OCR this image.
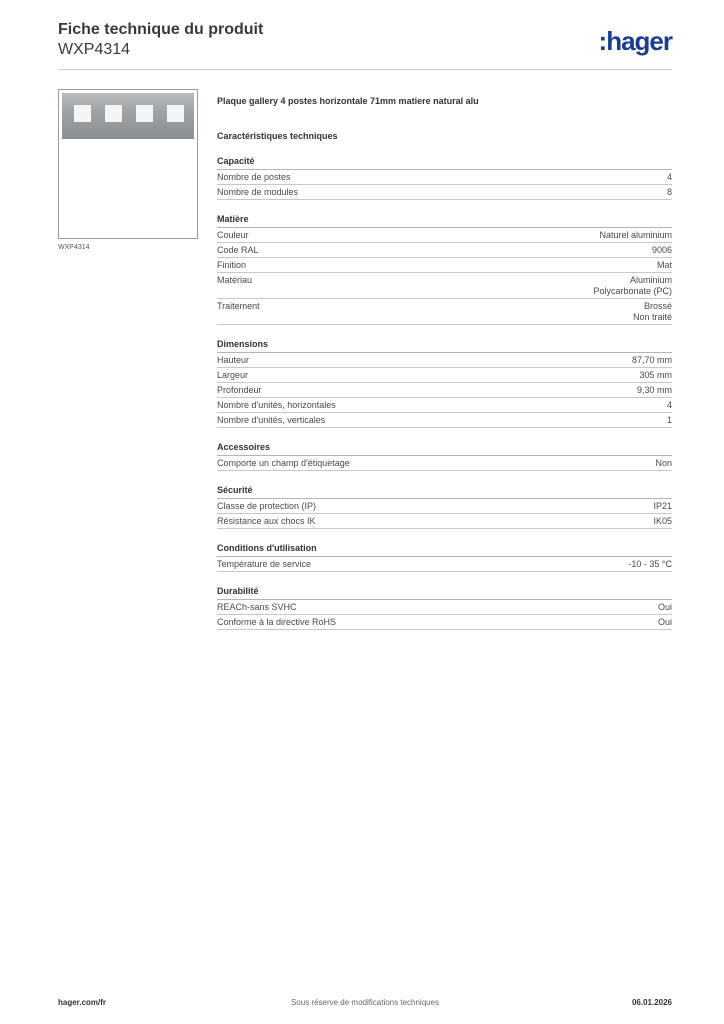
Fiche technique du produit
WXP4314	:hager
WXP4314
Plaque gallery 4 postes horizontale 71mm matiere natural alu
Caractéristiques techniques
Capacité
Nombre de postes	4
Nombre de modules	8
Matière
Couleur	Naturel aluminium
Code RAL	9006
Finition	Mat
Matériau	Aluminium
Polycarbonate (PC)
Traitement	Brossé
Non traité
Dimensions
Hauteur	87,70 mm
Largeur	305 mm
Profondeur	9,30 mm
Nombre d'unités, horizontales	4
Nombre d'unités, verticales	1
Accessoires
Comporte un champ d'étiquetage	Non
Sécurité
Classe de protection (IP)	IP21
Résistance aux chocs IK	IK05
Conditions d'utilisation
Température de service	-10 - 35 °C
Durabilité
REACh-sans SVHC	Oui
Conforme à la directive RoHS	Oui
hager.com/fr	Sous réserve de modifications techniques	06.01.2026
